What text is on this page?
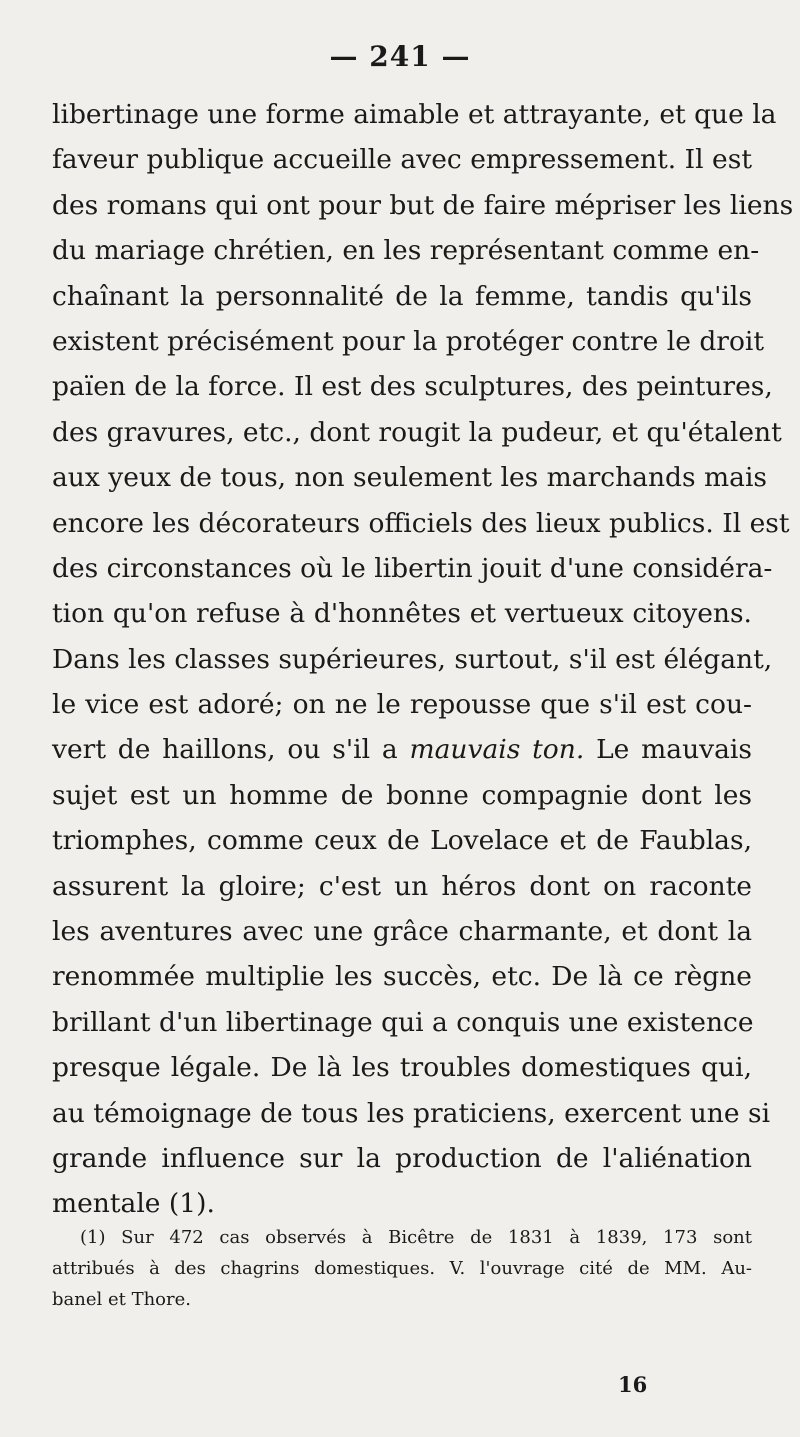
— 241 —
libertinage une forme aimable et attrayante, et que la
faveur publique accueille avec empressement. Il est
des romans qui ont pour but de faire mépriser les liens
du mariage chrétien, en les représentant comme en-
chaînant la personnalité de la femme, tandis qu'ils
existent précisément pour la protéger contre le droit
païen de la force. Il est des sculptures, des peintures,
des gravures, etc., dont rougit la pudeur, et qu'étalent
aux yeux de tous, non seulement les marchands mais
encore les décorateurs officiels des lieux publics. Il est
des circonstances où le libertin jouit d'une considéra-
tion qu'on refuse à d'honnêtes et vertueux citoyens.
Dans les classes supérieures, surtout, s'il est élégant,
le vice est adoré; on ne le repousse que s'il est cou-
vert de haillons, ou s'il a mauvais ton. Le mauvais
sujet est un homme de bonne compagnie dont les
triomphes, comme ceux de Lovelace et de Faublas,
assurent la gloire; c'est un héros dont on raconte
les aventures avec une grâce charmante, et dont la
renommée multiplie les succès, etc. De là ce règne
brillant d'un libertinage qui a conquis une existence
presque légale. De là les troubles domestiques qui,
au témoignage de tous les praticiens, exercent une si
grande influence sur la production de l'aliénation
mentale (1).
(1) Sur 472 cas observés à Bicêtre de 1831 à 1839, 173 sont
attribués à des chagrins domestiques. V. l'ouvrage cité de MM. Au-
banel et Thore.
16
